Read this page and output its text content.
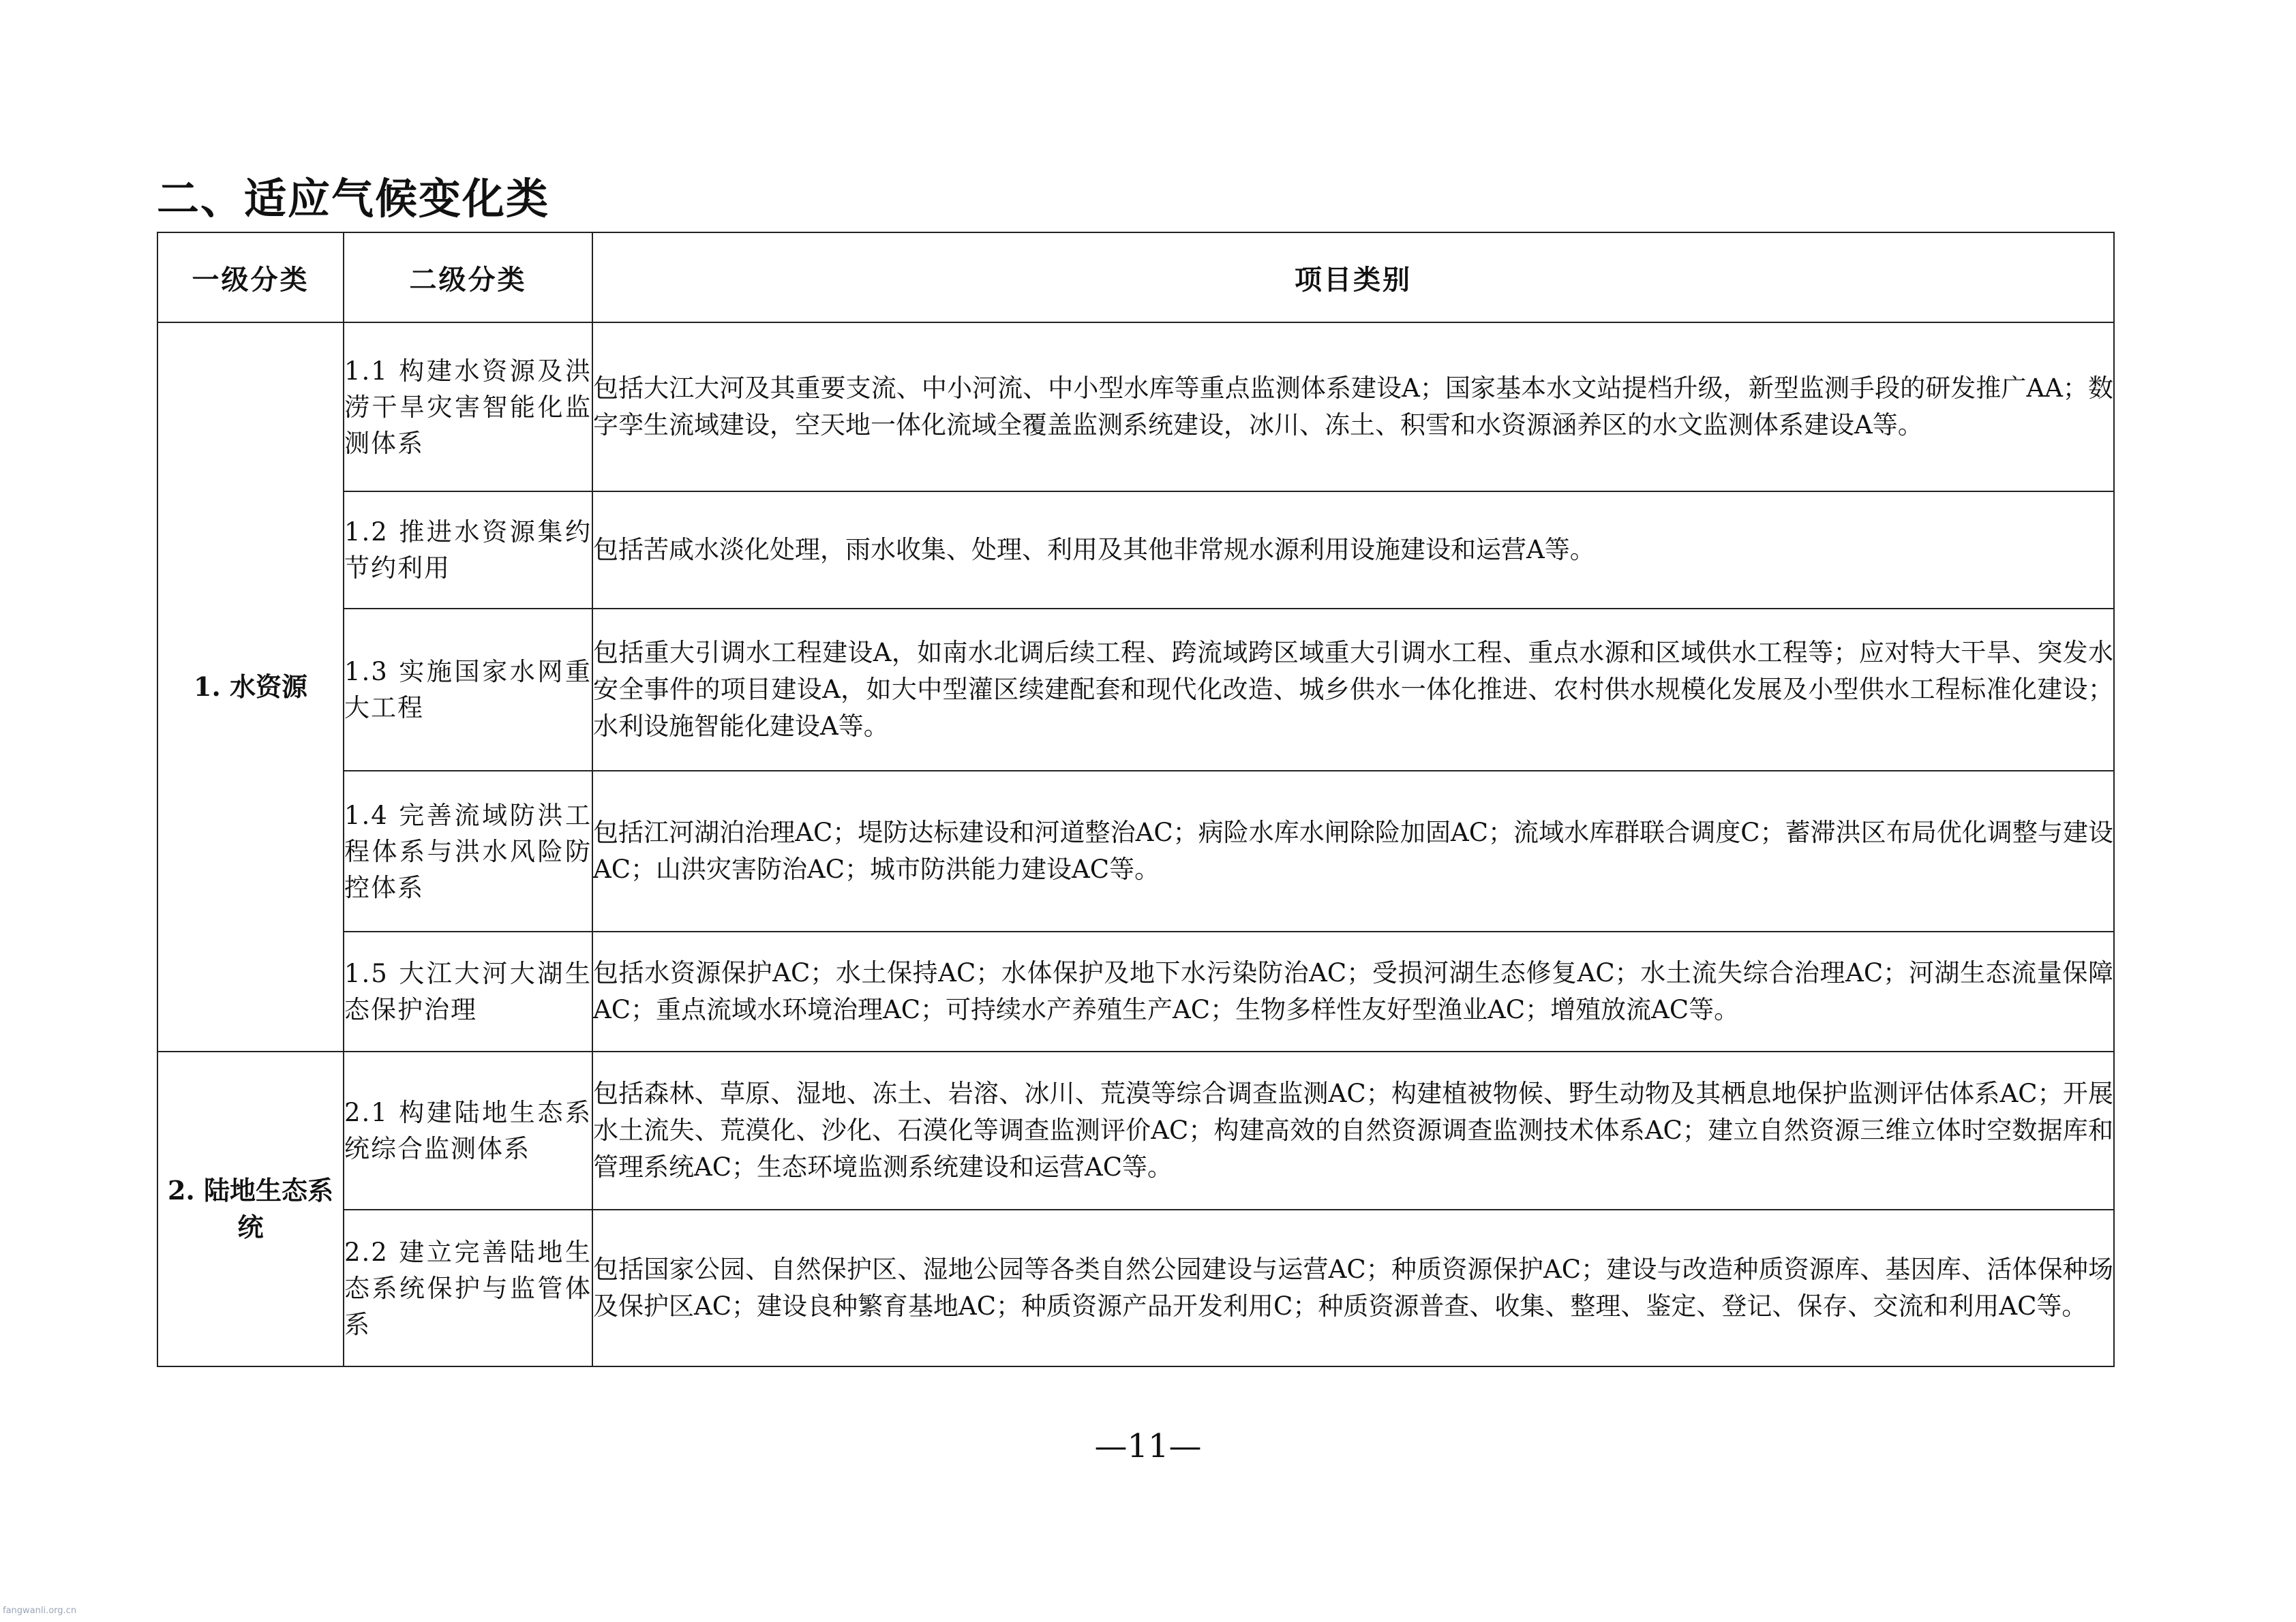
二、适应气候变化类
一级分类	二级分类	项目类别
1. 水资源	1.1 构建水资源及洪涝干旱灾害智能化监测体系	包括大江大河及其重要支流、中小河流、中小型水库等重点监测体系建设A；国家基本水文站提档升级，新型监测手段的研发推广AA；数字孪生流域建设，空天地一体化流域全覆盖监测系统建设，冰川、冻土、积雪和水资源涵养区的水文监测体系建设A等。
	1.2 推进水资源集约节约利用	包括苦咸水淡化处理，雨水收集、处理、利用及其他非常规水源利用设施建设和运营A等。
	1.3 实施国家水网重大工程	包括重大引调水工程建设A，如南水北调后续工程、跨流域跨区域重大引调水工程、重点水源和区域供水工程等；应对特大干旱、突发水安全事件的项目建设A，如大中型灌区续建配套和现代化改造、城乡供水一体化推进、农村供水规模化发展及小型供水工程标准化建设；水利设施智能化建设A等。
	1.4 完善流域防洪工程体系与洪水风险防控体系	包括江河湖泊治理AC；堤防达标建设和河道整治AC；病险水库水闸除险加固AC；流域水库群联合调度C；蓄滞洪区布局优化调整与建设AC；山洪灾害防治AC；城市防洪能力建设AC等。
	1.5 大江大河大湖生态保护治理	包括水资源保护AC；水土保持AC；水体保护及地下水污染防治AC；受损河湖生态修复AC；水土流失综合治理AC；河湖生态流量保障AC；重点流域水环境治理AC；可持续水产养殖生产AC；生物多样性友好型渔业AC；增殖放流AC等。
2. 陆地生态系统	2.1 构建陆地生态系统综合监测体系	包括森林、草原、湿地、冻土、岩溶、冰川、荒漠等综合调查监测AC；构建植被物候、野生动物及其栖息地保护监测评估体系AC；开展水土流失、荒漠化、沙化、石漠化等调查监测评价AC；构建高效的自然资源调查监测技术体系AC；建立自然资源三维立体时空数据库和管理系统AC；生态环境监测系统建设和运营AC等。
	2.2 建立完善陆地生态系统保护与监管体系	包括国家公园、自然保护区、湿地公园等各类自然公园建设与运营AC；种质资源保护AC；建设与改造种质资源库、基因库、活体保种场及保护区AC；建设良种繁育基地AC；种质资源产品开发利用C；种质资源普查、收集、整理、鉴定、登记、保存、交流和利用AC等。
—11—
fangwanli.org.cn
